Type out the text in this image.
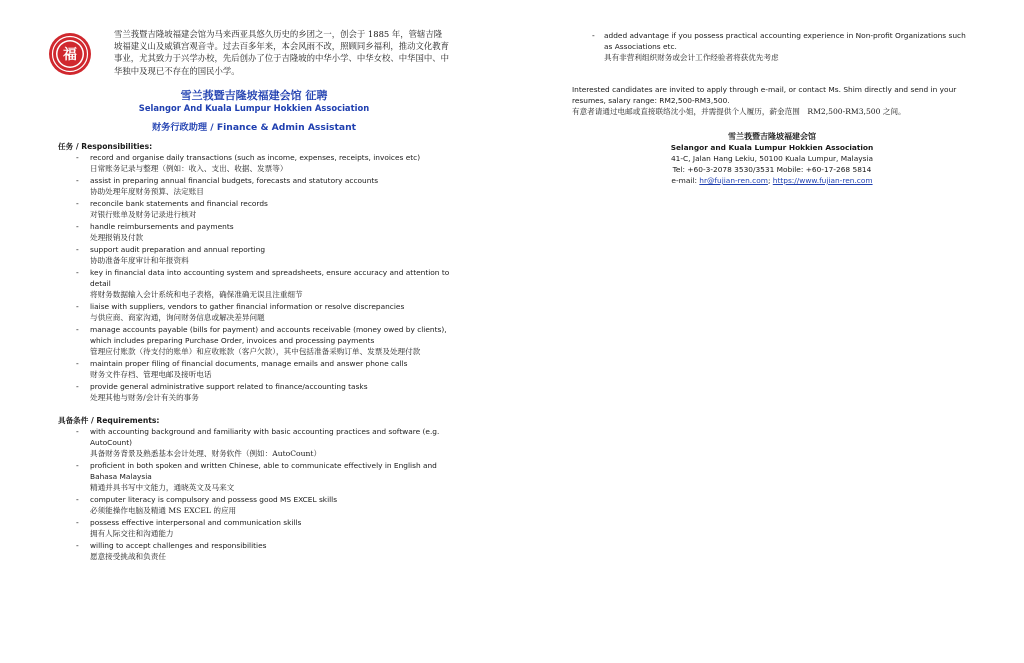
福
雪兰莪暨吉隆坡福建会馆为马来西亚具悠久历史的乡团之一，创会于 1885 年，管辖吉隆坡福建义山及威镇宫观音寺。过去百多年来，本会风雨不改，照顾同乡福利，推动文化教育事业，尤其致力于兴学办校，先后创办了位于吉隆坡的中华小学、中华女校、中华国中、中华独中及现已不存在的国民小学。
雪兰莪暨吉隆坡福建会馆 征聘
Selangor And Kuala Lumpur Hokkien Association
财务行政助理 / Finance & Admin Assistant
任务 / Responsibilities:
- record and organise daily transactions (such as income, expenses, receipts, invoices etc)
日常账务记录与整理（例如：收入、支出、收据、发票等）
- assist in preparing annual financial budgets, forecasts and statutory accounts
协助处理年度财务预算、法定账目
- reconcile bank statements and financial records
对银行账单及财务记录进行核对
- handle reimbursements and payments
处理报销及付款
- support audit preparation and annual reporting
协助准备年度审计和年报资料
- key in financial data into accounting system and spreadsheets, ensure accuracy and attention to detail
将财务数据输入会计系统和电子表格，确保准确无误且注重细节
- liaise with suppliers, vendors to gather financial information or resolve discrepancies
与供应商、商家沟通，询问财务信息或解决差异问题
- manage accounts payable (bills for payment) and accounts receivable (money owed by clients), which includes preparing Purchase Order, invoices and processing payments
管理应付账款（待支付的账单）和应收账款（客户欠款），其中包括准备采购订单、发票及处理付款
- maintain proper filing of financial documents, manage emails and answer phone calls
财务文件存档、管理电邮及接听电话
- provide general administrative support related to finance/accounting tasks
处理其他与财务/会计有关的事务
具备条件 / Requirements:
- with accounting background and familiarity with basic accounting practices and software (e.g. AutoCount)
具备财务背景及熟悉基本会计处理、财务软件（例如：AutoCount）
- proficient in both spoken and written Chinese, able to communicate effectively in English and Bahasa Malaysia
精通并具书写中文能力，通晓英文及马来文
- computer literacy is compulsory and possess good MS EXCEL skills
必须能操作电脑及精通 MS EXCEL 的应用
- possess effective interpersonal and communication skills
拥有人际交往和沟通能力
- willing to accept challenges and responsibilities
愿意接受挑战和负责任
- added advantage if you possess practical accounting experience in Non-profit Organizations such as Associations etc.
具有非营利组织财务或会计工作经验者将获优先考虑
Interested candidates are invited to apply through e-mail, or contact Ms. Shim directly and send in your resumes, salary range: RM2,500-RM3,500.
有意者请通过电邮或直接联络沈小姐，并需提供个人履历，薪金范围　RM2,500-RM3,500 之间。
雪兰莪暨吉隆坡福建会馆
Selangor and Kuala Lumpur Hokkien Association
41-C, Jalan Hang Lekiu, 50100 Kuala Lumpur, Malaysia
Tel: +60-3-2078 3530/3531 Mobile: +60-17-268 5814
e-mail: hr@fujian-ren.com; https://www.fujian-ren.com
